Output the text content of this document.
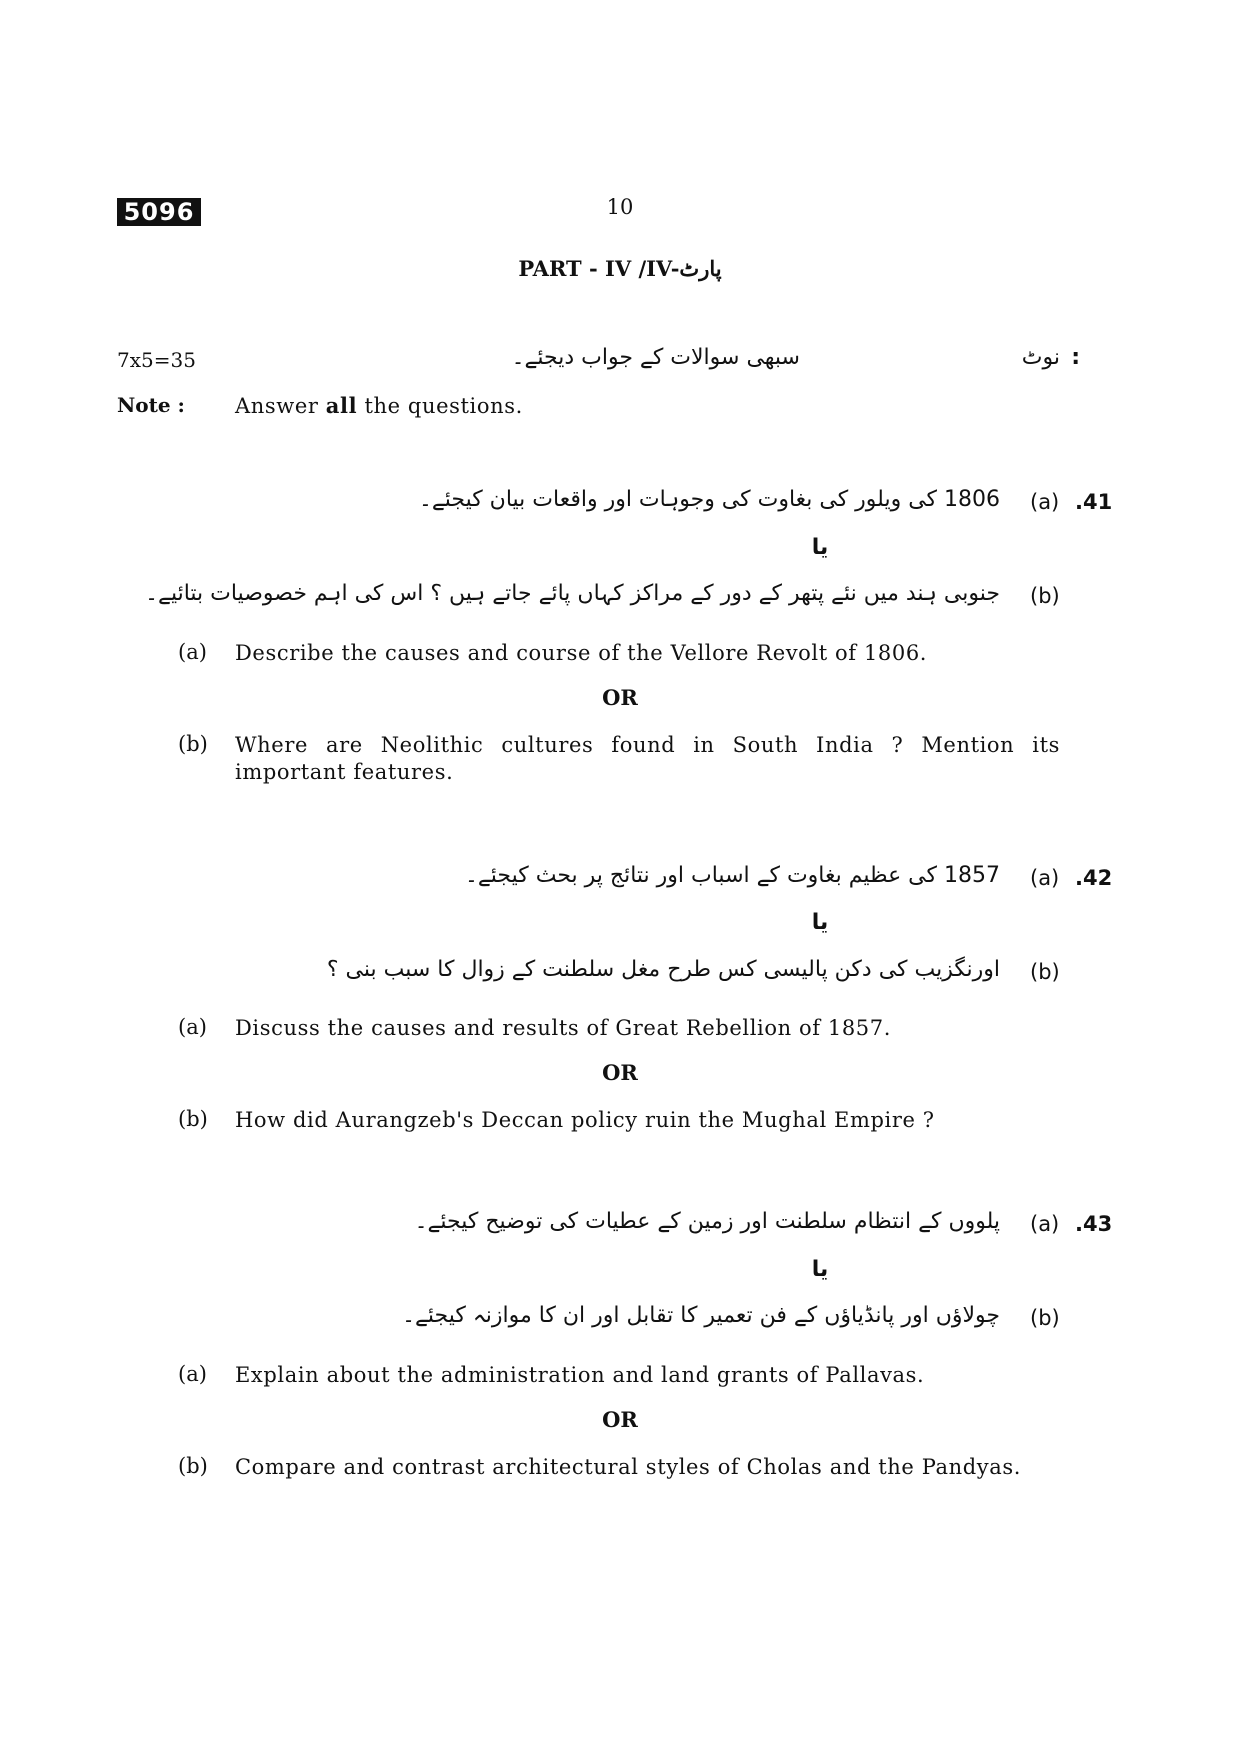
5096	10
PART - IV /IV-پارٹ
7x5=35	نوٹ :
سبھی سوالات کے جواب دیجئے۔
Note : Answer all the questions.
.41
(a)
1806 کی ویلور کی بغاوت کی وجوہات اور واقعات بیان کیجئے۔
یا
(b)
جنوبی ہند میں نئے پتھر کے دور کے مراکز کہاں پائے جاتے ہیں ؟ اس کی اہم خصوصیات بتائیے۔
(a) Describe the causes and course of the Vellore Revolt of 1806.
OR
(b) Where are Neolithic cultures found in South India ? Mention its important features.
.42
(a)
1857 کی عظیم بغاوت کے اسباب اور نتائج پر بحث کیجئے۔
یا
(b)
اورنگزیب کی دکن پالیسی کس طرح مغل سلطنت کے زوال کا سبب بنی ؟
(a) Discuss the causes and results of Great Rebellion of 1857.
OR
(b) How did Aurangzeb's Deccan policy ruin the Mughal Empire ?
.43
(a)
پلووں کے انتظام سلطنت اور زمین کے عطیات کی توضیح کیجئے۔
یا
(b)
چولاؤں اور پانڈیاؤں کے فن تعمیر کا تقابل اور ان کا موازنہ کیجئے۔
(a) Explain about the administration and land grants of Pallavas.
OR
(b) Compare and contrast architectural styles of Cholas and the Pandyas.
